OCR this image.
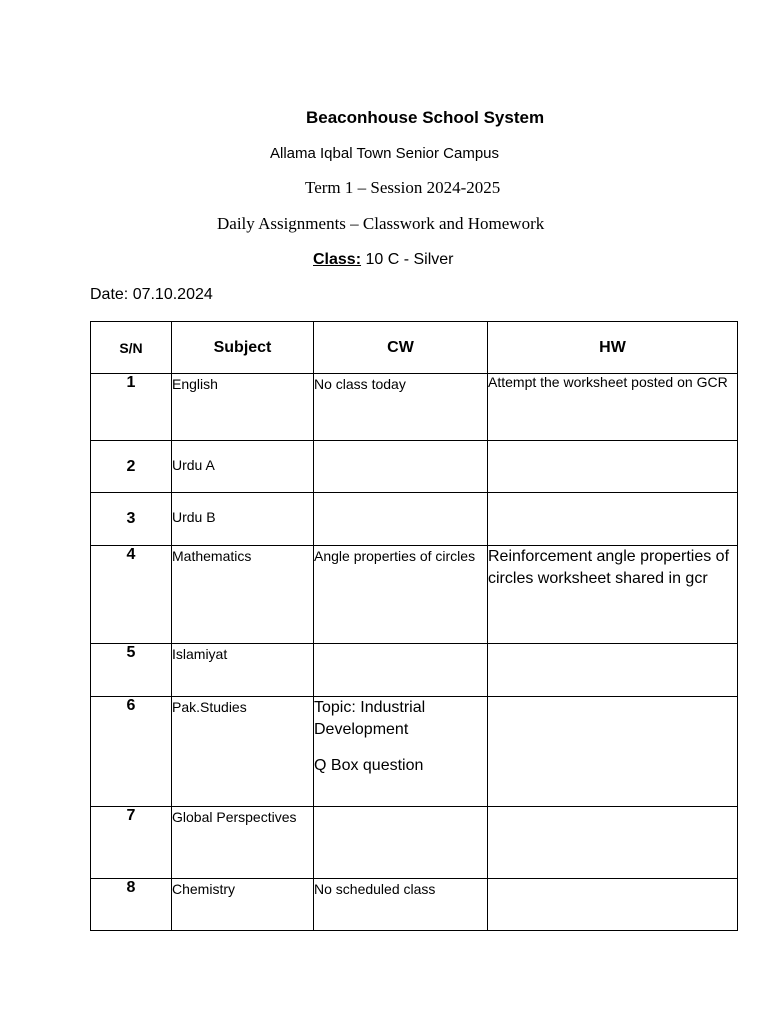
Beaconhouse School System
Allama Iqbal Town Senior Campus
Term 1 – Session 2024-2025
Daily Assignments – Classwork and Homework
Class: 10 C - Silver
Date: 07.10.2024
S/N	Subject	CW	HW
1	English	No class today	Attempt the worksheet posted on GCR
2	Urdu A		
3	Urdu B		
4	Mathematics	Angle properties of circles	Reinforcement angle properties of circles worksheet shared in gcr
5	Islamiyat		
6	Pak.Studies	Topic: Industrial Development
Q Box question	

7	Global Perspectives		
8	Chemistry	No scheduled class	
